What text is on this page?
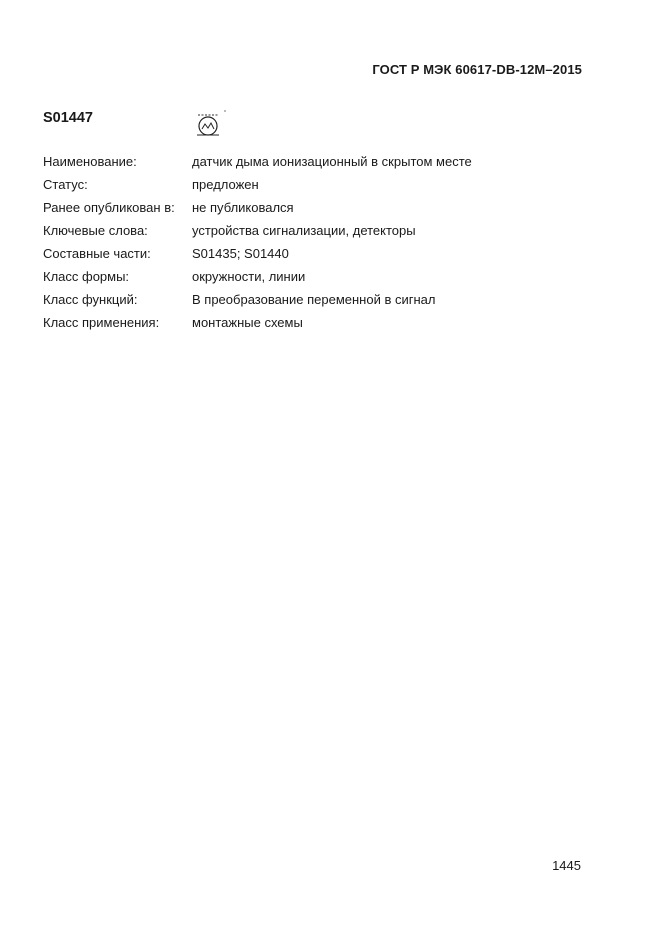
ГОСТ Р МЭК 60617-DB-12M–2015
S01447
Наименование:	датчик дыма ионизационный в скрытом месте
Статус:	предложен
Ранее опубликован в:	не публиковался
Ключевые слова:	устройства сигнализации, детекторы
Составные части:	S01435; S01440
Класс формы:	окружности, линии
Класс функций:	В преобразование переменной в сигнал
Класс применения:	монтажные схемы
1445
